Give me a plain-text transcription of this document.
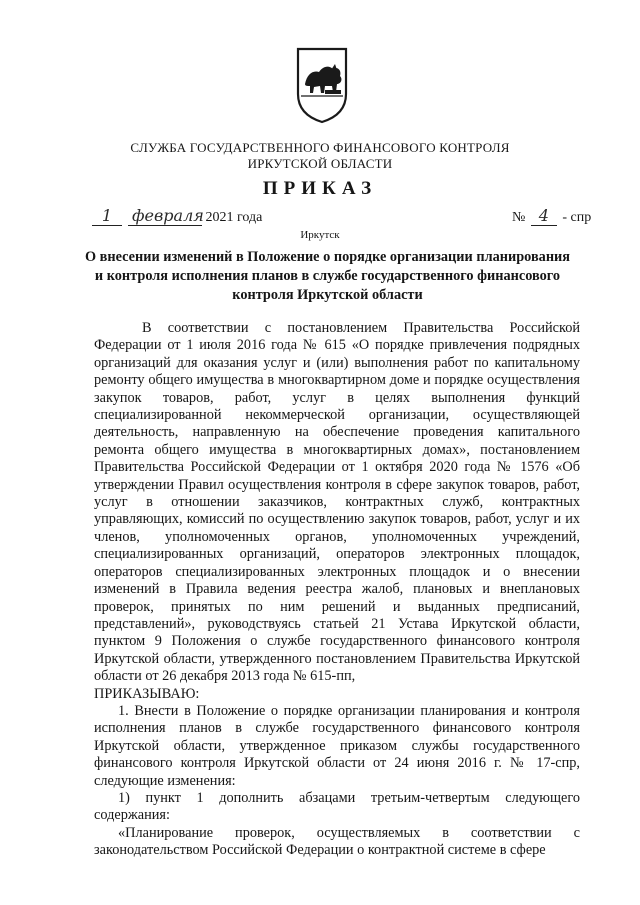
СЛУЖБА ГОСУДАРСТВЕННОГО ФИНАНСОВОГО КОНТРОЛЯ
ИРКУТСКОЙ ОБЛАСТИ
ПРИКАЗ
1 февраля 2021 года	№ 4 - спр
Иркутск
О внесении изменений в Положение о порядке организации планирования и контроля исполнения планов в службе государственного финансового контроля Иркутской области

В соответствии с постановлением Правительства Российской Федерации от 1 июля 2016 года № 615 «О порядке привлечения подрядных организаций для оказания услуг и (или) выполнения работ по капитальному ремонту общего имущества в многоквартирном доме и порядке осуществления закупок товаров, работ, услуг в целях выполнения функций специализированной некоммерческой организации, осуществляющей деятельность, направленную на обеспечение проведения капитального ремонта общего имущества в многоквартирных домах», постановлением Правительства Российской Федерации от 1 октября 2020 года № 1576 «Об утверждении Правил осуществления контроля в сфере закупок товаров, работ, услуг в отношении заказчиков, контрактных служб, контрактных управляющих, комиссий по осуществлению закупок товаров, работ, услуг и их членов, уполномоченных органов, уполномоченных учреждений, специализированных организаций, операторов электронных площадок, операторов специализированных электронных площадок и о внесении изменений в Правила ведения реестра жалоб, плановых и внеплановых проверок, принятых по ним решений и выданных предписаний, представлений», руководствуясь статьей 21 Устава Иркутской области, пунктом 9 Положения о службе государственного финансового контроля Иркутской области, утвержденного постановлением Правительства Иркутской области от 26 декабря 2013 года № 615-пп,

ПРИКАЗЫВАЮ:

1. Внести в Положение о порядке организации планирования и контроля исполнения планов в службе государственного финансового контроля Иркутской области, утвержденное приказом службы государственного финансового контроля Иркутской области от 24 июня 2016 г. № 17-спр, следующие изменения:

1) пункт 1 дополнить абзацами третьим-четвертым следующего содержания:

«Планирование проверок, осуществляемых в соответствии с законодательством Российской Федерации о контрактной системе в сфере
